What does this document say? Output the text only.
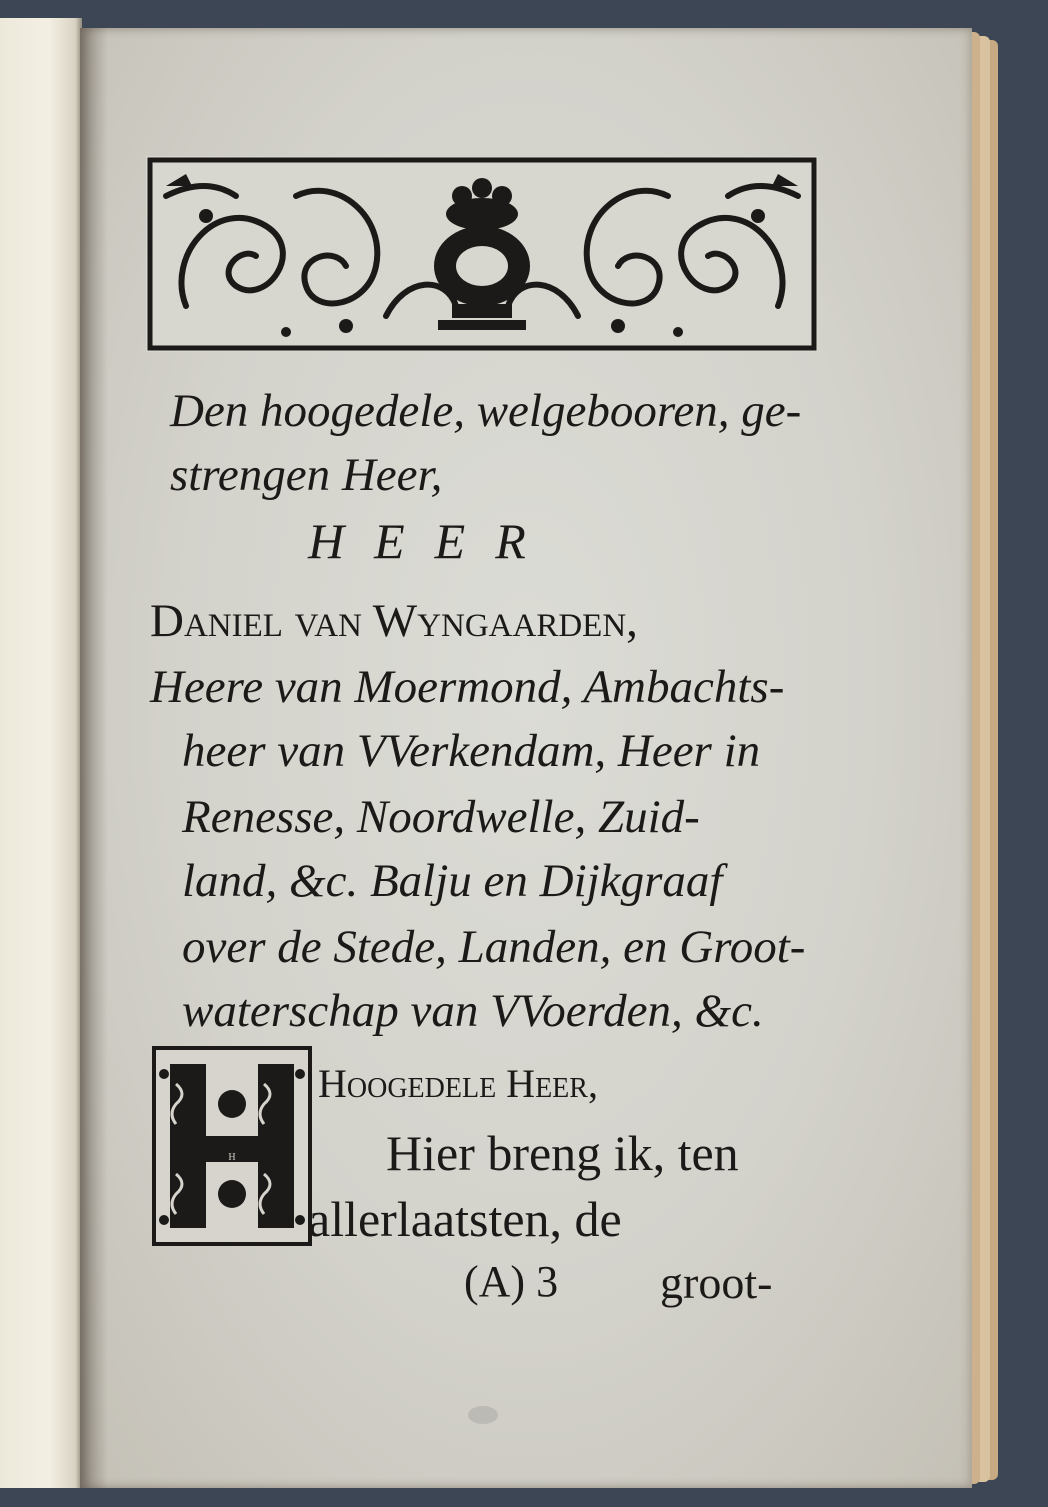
Den hoogedele, welgebooren, ge-
strengen Heer,
HEER
Daniel van Wyngaarden,
Heere van Moermond, Ambachts-
heer van VVerkendam, Heer in
Renesse, Noordwelle, Zuid-
land, &c. Balju en Dijkgraaf
over de Stede, Landen, en Groot-
waterschap van VVoerden, &c.
H
Hoogedele Heer,
Hier breng ik, ten
allerlaatsten, de
(A) 3 groot-
